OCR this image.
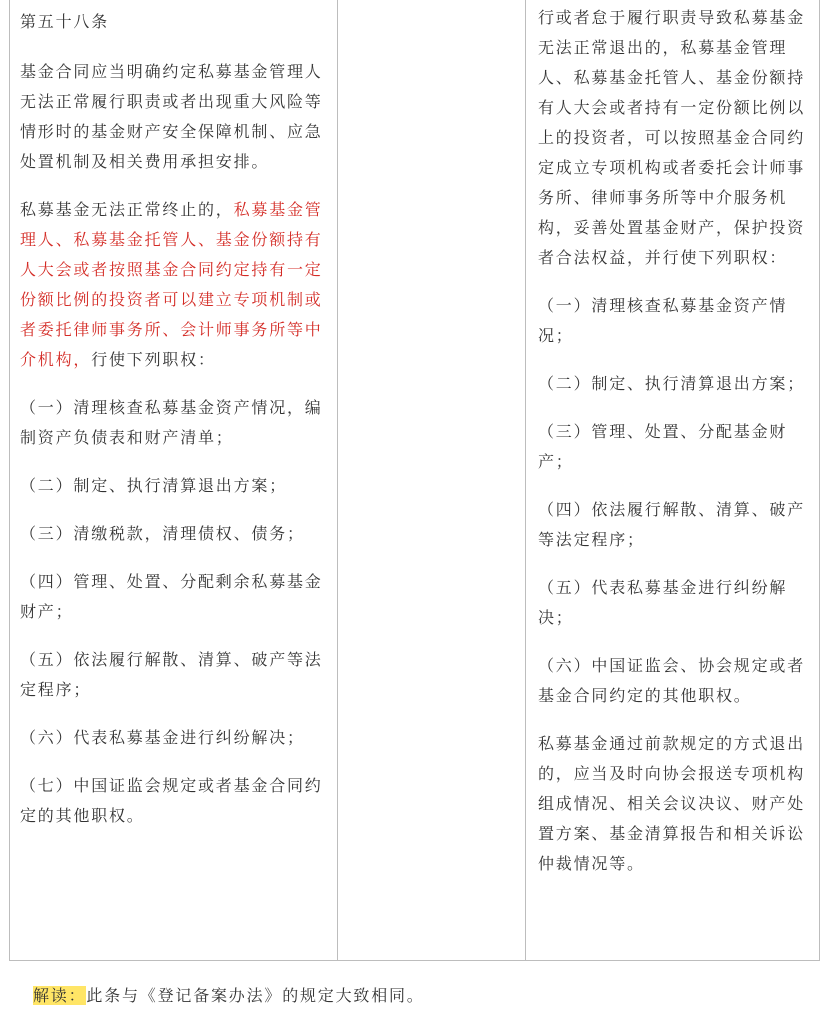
第五十八条

基金合同应当明确约定私募基金管理人无法正常履行职责或者出现重大风险等情形时的基金财产安全保障机制、应急处置机制及相关费用承担安排。

私募基金无法正常终止的，私募基金管理人、私募基金托管人、基金份额持有人大会或者按照基金合同约定持有一定份额比例的投资者可以建立专项机制或者委托律师事务所、会计师事务所等中介机构，行使下列职权：

（一）清理核查私募基金资产情况，编制资产负债表和财产清单；

（二）制定、执行清算退出方案；

（三）清缴税款，清理债权、债务；

（四）管理、处置、分配剩余私募基金财产；

（五）依法履行解散、清算、破产等法定程序；

（六）代表私募基金进行纠纷解决；

（七）中国证监会规定或者基金合同约定的其他职权。

行或者怠于履行职责导致私募基金无法正常退出的，私募基金管理人、私募基金托管人、基金份额持有人大会或者持有一定份额比例以上的投资者，可以按照基金合同约定成立专项机构或者委托会计师事务所、律师事务所等中介服务机构，妥善处置基金财产，保护投资者合法权益，并行使下列职权：

（一）清理核查私募基金资产情况；

（二）制定、执行清算退出方案；

（三）管理、处置、分配基金财产；

（四）依法履行解散、清算、破产等法定程序；

（五）代表私募基金进行纠纷解决；

（六）中国证监会、协会规定或者基金合同约定的其他职权。

私募基金通过前款规定的方式退出的，应当及时向协会报送专项机构组成情况、相关会议决议、财产处置方案、基金清算报告和相关诉讼仲裁情况等。

解读：此条与《登记备案办法》的规定大致相同。
